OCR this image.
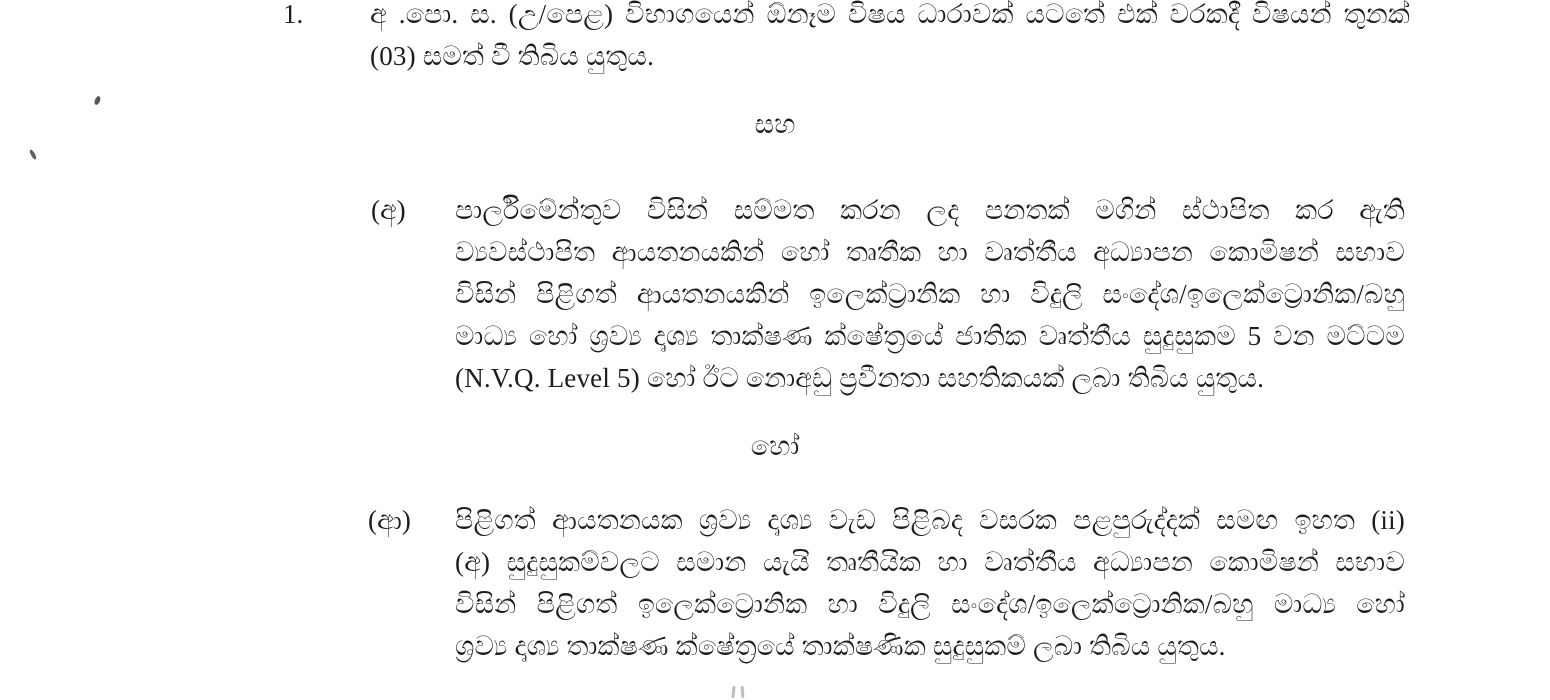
1. අ .පො. ස. (උ/පෙළ) විභාගයෙන් ඕනෑම විෂය ධාරාවක් යටතේ එක් වරකදී විෂයන් තුනක්
(03) සමත් වී තිබිය යුතුය.
සහ
(අ) පාර්ලිමේන්තුව විසින් සම්මත කරන ලද පනතක් මගින් ස්ථාපිත කර ඇති
ව්‍යවස්ථාපිත ආයතනයකින් හෝ තෘතීක හා වෘත්තීය අධ්‍යාපන කොමිෂන් සභාව
විසින් පිළිගත් ආයතනයකින් ඉලෙක්ට්‍රානික හා විදුලි සංදේශ/ඉලෙක්ට්‍රොනික/බහු
මාධ්‍ය හෝ ශ්‍රව්‍ය දෘශ්‍ය තාක්ෂණ ක්ෂේත්‍රයේ ජාතික වෘත්තීය සුදුසුකම 5 වන මට්ටම
(N.V.Q. Level 5) හෝ ඊට නොඅඩු ප්‍රවීනතා සහතිකයක් ලබා තිබිය යුතුය.
හෝ
(ආ) පිළිගත් ආයතනයක ශ්‍රව්‍ය දෘශ්‍ය වැඩ පිළිබද වසරක පළපුරුද්දක් සමඟ ඉහත (ii)
(අ) සුදුසුකම්වලට සමාන යැයි තෘතීයික හා වෘත්තීය අධ්‍යාපන කොමිෂන් සභාව
විසින් පිළිගත් ඉලෙක්ට්‍රොනික හා විදුලි සංදේශ/ඉලෙක්ට්‍රොනික/බහු මාධ්‍ය හෝ
ශ්‍රව්‍ය දෘශ්‍ය තාක්ෂණ ක්ෂේත්‍රයේ තාක්ෂණික සුදුසුකම් ලබා තිබිය යුතුය.
